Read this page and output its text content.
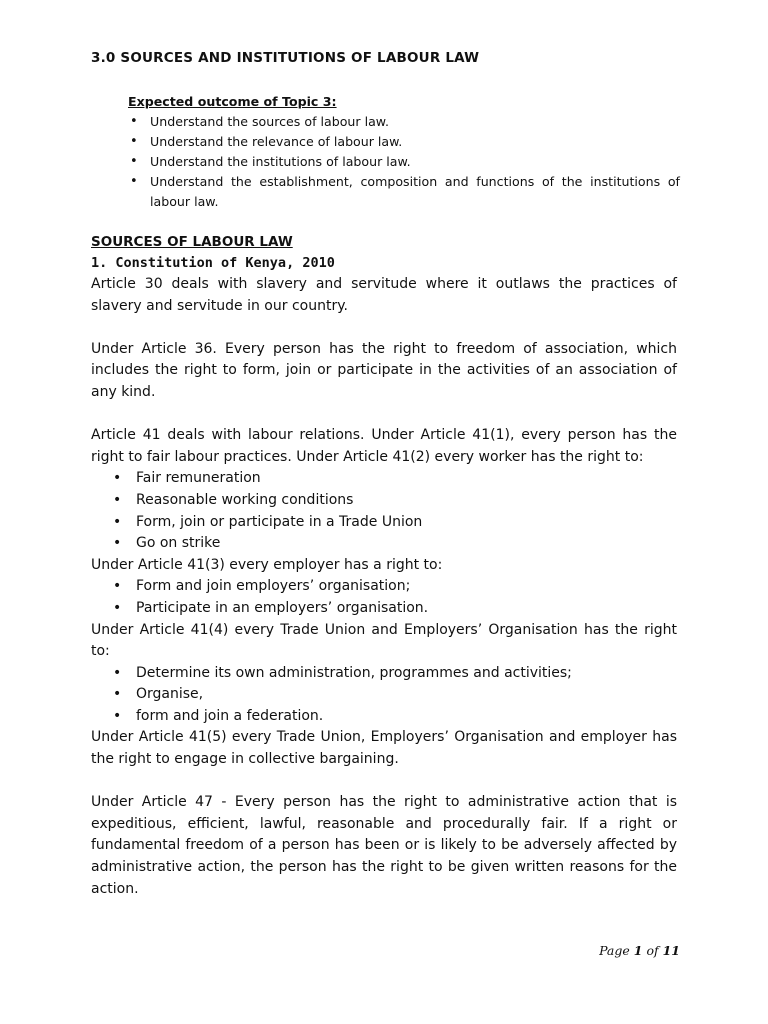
3.0 SOURCES AND INSTITUTIONS OF LABOUR LAW
Expected outcome of Topic 3:
• Understand the sources of labour law.
• Understand the relevance of labour law.
• Understand the institutions of labour law.
• Understand the establishment, composition and functions of the institutions of labour law.
SOURCES OF LABOUR LAW
1. Constitution of Kenya, 2010

Article 30 deals with slavery and servitude where it outlaws the practices of slavery and servitude in our country.

Under Article 36. Every person has the right to freedom of association, which includes the right to form, join or participate in the activities of an association of any kind.

Article 41 deals with labour relations. Under Article 41(1), every person has the right to fair labour practices. Under Article 41(2) every worker has the right to:

• Fair remuneration
• Reasonable working conditions
• Form, join or participate in a Trade Union
• Go on strike

Under Article 41(3) every employer has a right to:

• Form and join employers’ organisation;
• Participate in an employers’ organisation.

Under Article 41(4) every Trade Union and Employers’ Organisation has the right to:

• Determine its own administration, programmes and activities;
• Organise,
• form and join a federation.

Under Article 41(5) every Trade Union, Employers’ Organisation and employer has the right to engage in collective bargaining.

Under Article 47 - Every person has the right to administrative action that is expeditious, efficient, lawful, reasonable and procedurally fair. If a right or fundamental freedom of a person has been or is likely to be adversely affected by administrative action, the person has the right to be given written reasons for the action.

Page 1 of 11
